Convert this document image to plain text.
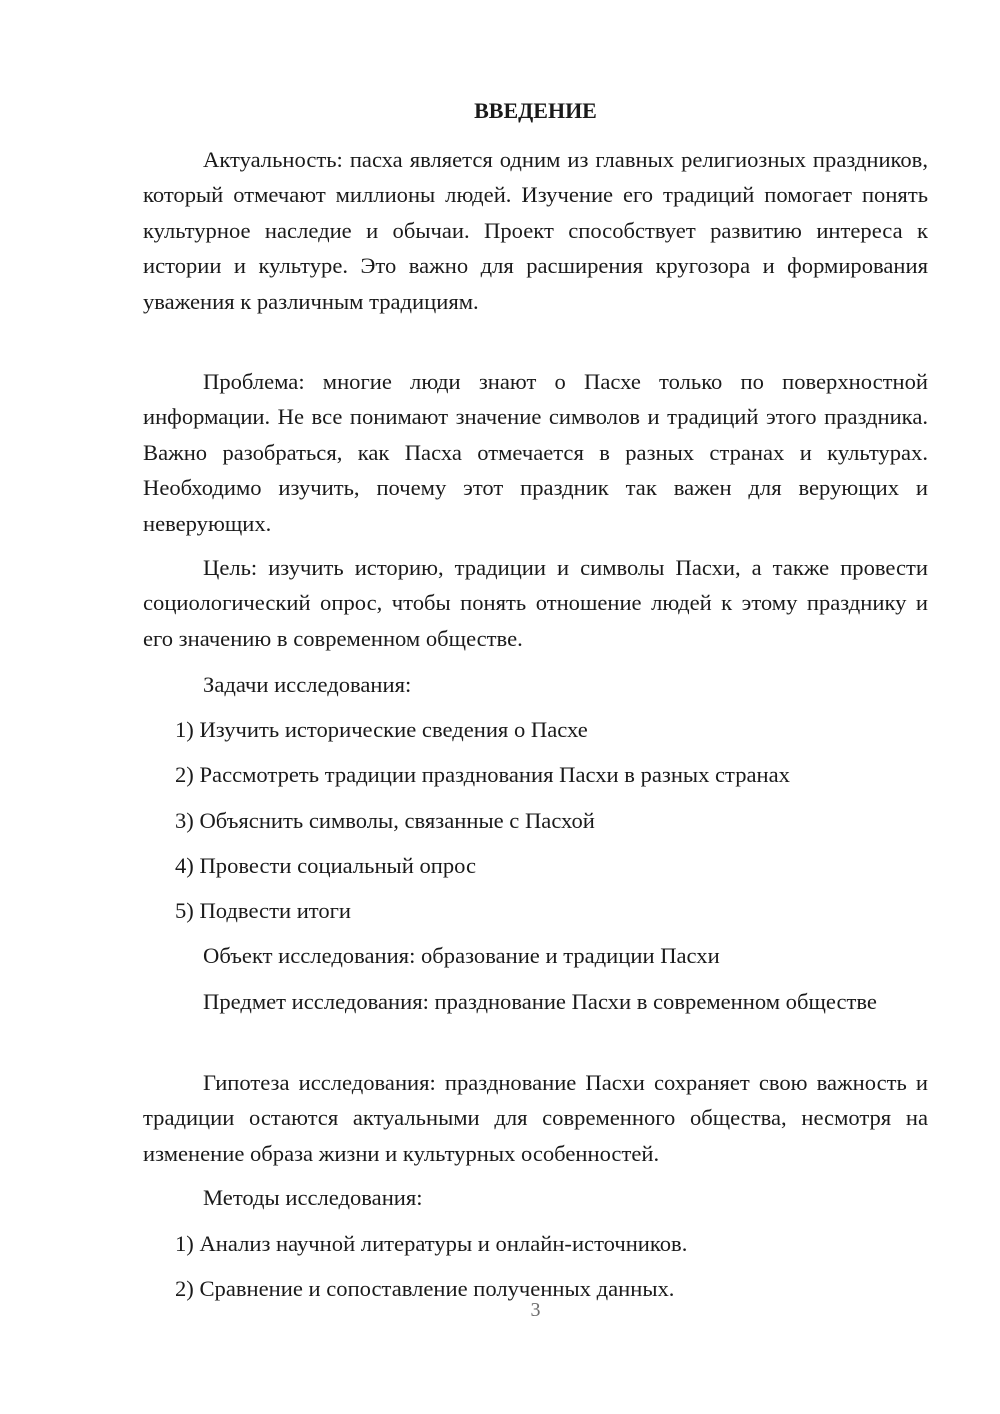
ВВЕДЕНИЕ

Актуальность: пасха является одним из главных религиозных праздников, который отмечают миллионы людей. Изучение его традиций помогает понять культурное наследие и обычаи. Проект способствует развитию интереса к истории и культуре. Это важно для расширения кругозора и формирования уважения к различным традициям.

Проблема: многие люди знают о Пасхе только по поверхностной информации. Не все понимают значение символов и традиций этого праздника. Важно разобраться, как Пасха отмечается в разных странах и культурах. Необходимо изучить, почему этот праздник так важен для верующих и неверующих.

Цель: изучить историю, традиции и символы Пасхи, а также провести социологический опрос, чтобы понять отношение людей к этому празднику и его значению в современном обществе.

Задачи исследования:

1) Изучить исторические сведения о Пасхе

2) Рассмотреть традиции празднования Пасхи в разных странах

3) Объяснить символы, связанные с Пасхой

4) Провести социальный опрос

5) Подвести итоги

Объект исследования: образование и традиции Пасхи

Предмет исследования: празднование Пасхи в современном обществе

Гипотеза исследования: празднование Пасхи сохраняет свою важность и традиции остаются актуальными для современного общества, несмотря на изменение образа жизни и культурных особенностей.

Методы исследования:

1) Анализ научной литературы и онлайн-источников.

2) Сравнение и сопоставление полученных данных.

3
